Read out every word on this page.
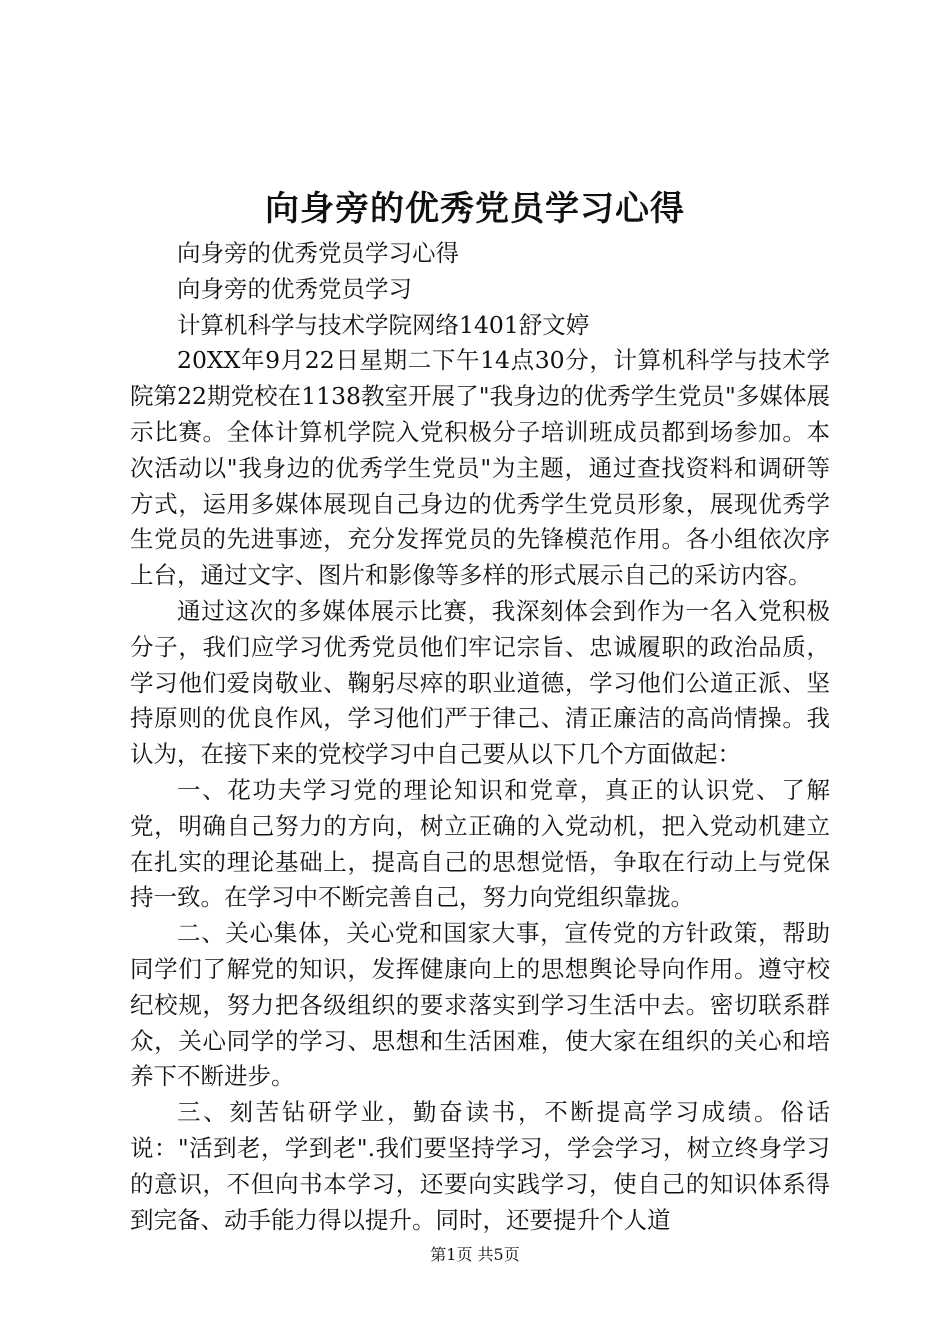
向身旁的优秀党员学习心得

向身旁的优秀党员学习心得

向身旁的优秀党员学习

计算机科学与技术学院网络1401舒文婷

20XX年9月22日星期二下午14点30分，计算机科学与技术学院第22期党校在1138教室开展了"我身边的优秀学生党员"多媒体展示比赛。全体计算机学院入党积极分子培训班成员都到场参加。本次活动以"我身边的优秀学生党员"为主题，通过查找资料和调研等方式，运用多媒体展现自己身边的优秀学生党员形象，展现优秀学生党员的先进事迹，充分发挥党员的先锋模范作用。各小组依次序上台，通过文字、图片和影像等多样的形式展示自己的采访内容。

通过这次的多媒体展示比赛，我深刻体会到作为一名入党积极分子，我们应学习优秀党员他们牢记宗旨、忠诚履职的政治品质，学习他们爱岗敬业、鞠躬尽瘁的职业道德，学习他们公道正派、坚持原则的优良作风，学习他们严于律己、清正廉洁的高尚情操。我认为，在接下来的党校学习中自己要从以下几个方面做起：

一、花功夫学习党的理论知识和党章，真正的认识党、了解党，明确自己努力的方向，树立正确的入党动机，把入党动机建立在扎实的理论基础上，提高自己的思想觉悟，争取在行动上与党保持一致。在学习中不断完善自己，努力向党组织靠拢。

二、关心集体，关心党和国家大事，宣传党的方针政策，帮助同学们了解党的知识，发挥健康向上的思想舆论导向作用。遵守校纪校规，努力把各级组织的要求落实到学习生活中去。密切联系群众，关心同学的学习、思想和生活困难，使大家在组织的关心和培养下不断进步。

三、刻苦钻研学业，勤奋读书，不断提高学习成绩。俗话说："活到老，学到老".我们要坚持学习，学会学习，树立终身学习的意识，不但向书本学习，还要向实践学习，使自己的知识体系得到完备、动手能力得以提升。同时，还要提升个人道

第1页 共5页
